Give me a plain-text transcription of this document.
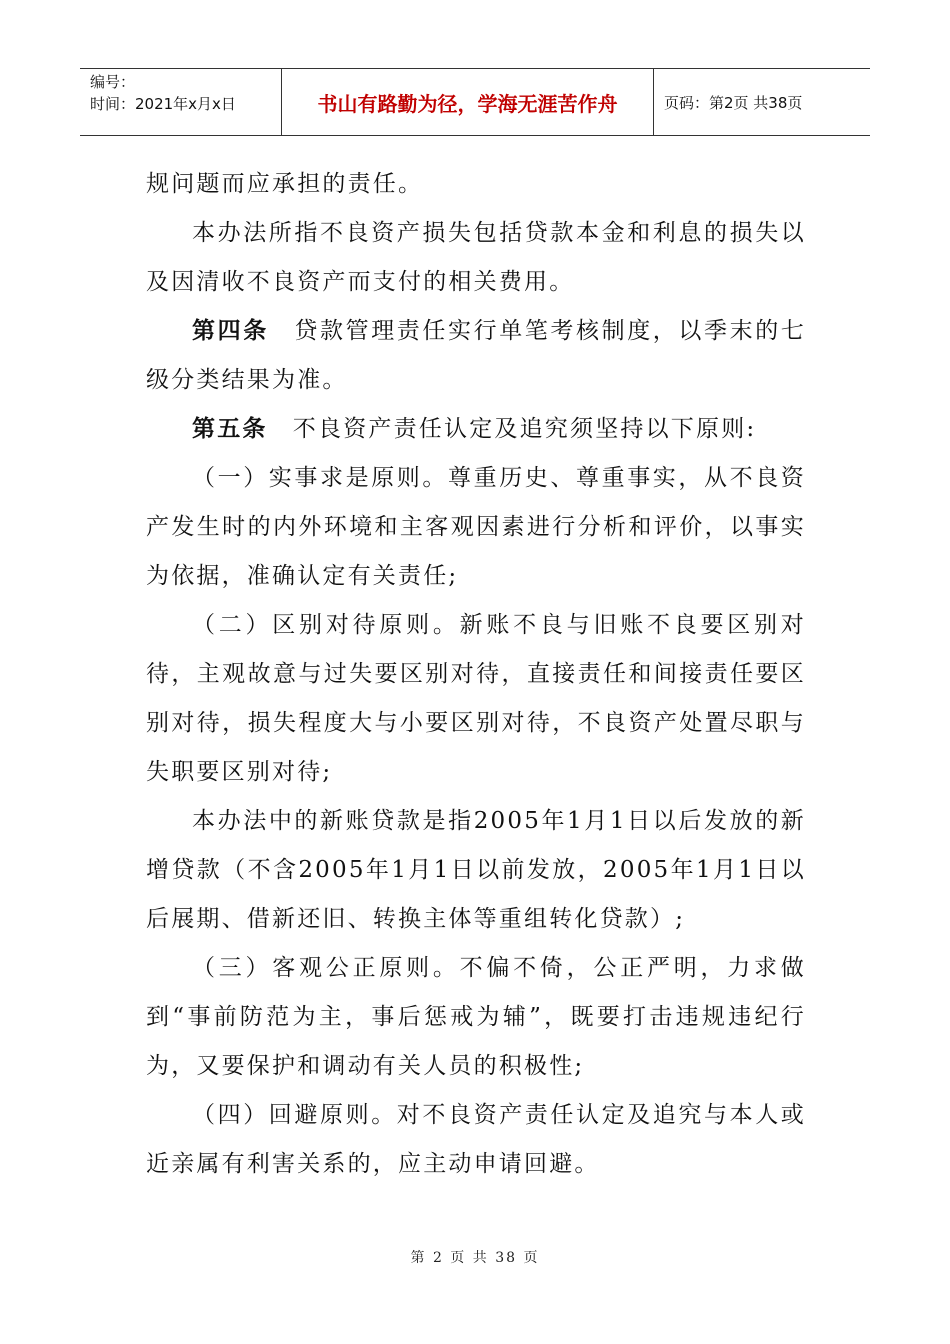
编号：
时间：2021年x月x日	书山有路勤为径，学海无涯苦作舟	页码：第2页 共38页

规问题而应承担的责任。

本办法所指不良资产损失包括贷款本金和利息的损失以及因清收不良资产而支付的相关费用。

第四条　贷款管理责任实行单笔考核制度，以季末的七级分类结果为准。

第五条　不良资产责任认定及追究须坚持以下原则:

（一）实事求是原则。尊重历史、尊重事实，从不良资产发生时的内外环境和主客观因素进行分析和评价，以事实为依据，准确认定有关责任;

（二）区别对待原则。新账不良与旧账不良要区别对待，主观故意与过失要区别对待，直接责任和间接责任要区别对待，损失程度大与小要区别对待，不良资产处置尽职与失职要区别对待;

本办法中的新账贷款是指2005年1月1日以后发放的新增贷款（不含2005年1月1日以前发放，2005年1月1日以后展期、借新还旧、转换主体等重组转化贷款）;

（三）客观公正原则。不偏不倚，公正严明，力求做到“事前防范为主，事后惩戒为辅”，既要打击违规违纪行为，又要保护和调动有关人员的积极性;

（四）回避原则。对不良资产责任认定及追究与本人或近亲属有利害关系的，应主动申请回避。

第 2 页 共 38 页
